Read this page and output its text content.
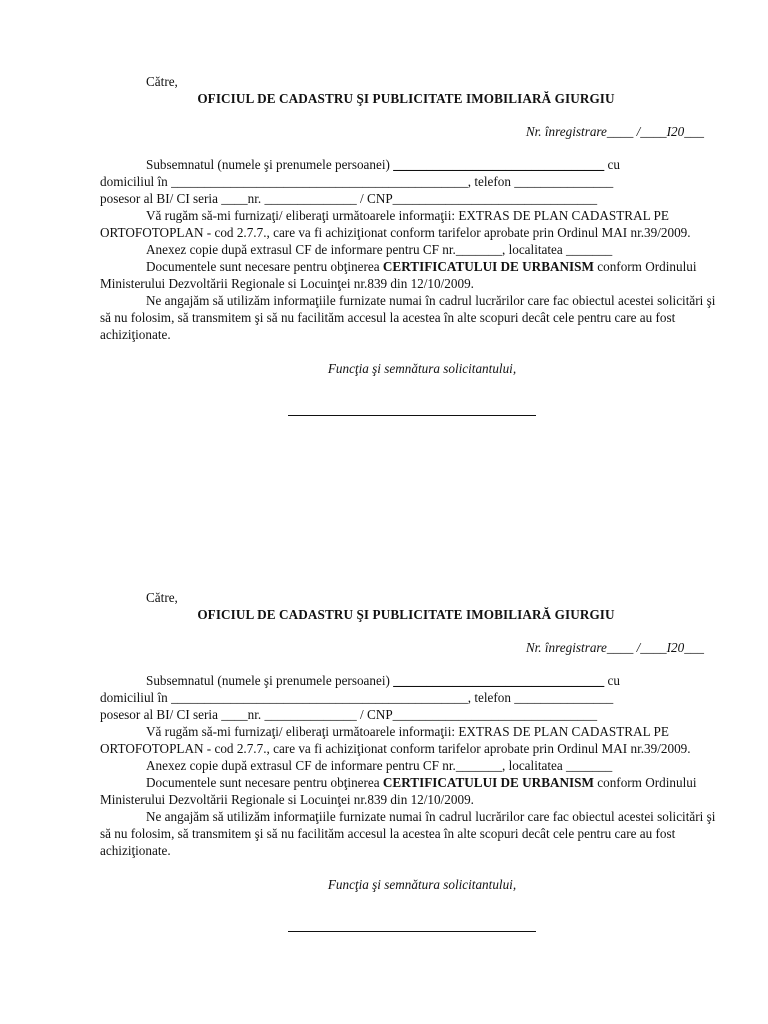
Către,
OFICIUL DE CADASTRU ŞI PUBLICITATE IMOBILIARĂ GIURGIU
Nr. înregistrare____ /____I20___
Subsemnatul (numele şi prenumele persoanei) ________________________________ cu
domiciliul în _____________________________________________, telefon _______________
posesor al BI/ CI seria ____nr. ______________ / CNP_______________________________
Vă rugăm să-mi furnizaţi/ eliberaţi următoarele informaţii: EXTRAS DE PLAN CADASTRAL PE ORTOFOTOPLAN - cod 2.7.7., care va fi achiziţionat conform tarifelor aprobate prin Ordinul MAI nr.39/2009.
Anexez copie după extrasul CF de informare pentru CF nr._______, localitatea _______
Documentele sunt necesare pentru obţinerea CERTIFICATULUI DE URBANISM conform Ordinului Ministerului Dezvoltării Regionale si Locuinţei nr.839 din 12/10/2009.
Ne angajăm să utilizăm informaţiile furnizate numai în cadrul lucrărilor care fac obiectul acestei solicitări şi să nu folosim, să transmitem şi să nu facilităm accesul la acestea în alte scopuri decât cele pentru care au fost achiziţionate.
Funcţia şi semnătura solicitantului,
Către,
OFICIUL DE CADASTRU ŞI PUBLICITATE IMOBILIARĂ GIURGIU
Nr. înregistrare____ /____I20___
Subsemnatul (numele şi prenumele persoanei) ________________________________ cu
domiciliul în _____________________________________________, telefon _______________
posesor al BI/ CI seria ____nr. ______________ / CNP_______________________________
Vă rugăm să-mi furnizaţi/ eliberaţi următoarele informaţii: EXTRAS DE PLAN CADASTRAL PE ORTOFOTOPLAN - cod 2.7.7., care va fi achiziţionat conform tarifelor aprobate prin Ordinul MAI nr.39/2009.
Anexez copie după extrasul CF de informare pentru CF nr._______, localitatea _______
Documentele sunt necesare pentru obţinerea CERTIFICATULUI DE URBANISM conform Ordinului Ministerului Dezvoltării Regionale si Locuinţei nr.839 din 12/10/2009.
Ne angajăm să utilizăm informaţiile furnizate numai în cadrul lucrărilor care fac obiectul acestei solicitări şi să nu folosim, să transmitem şi să nu facilităm accesul la acestea în alte scopuri decât cele pentru care au fost achiziţionate.
Funcţia şi semnătura solicitantului,
